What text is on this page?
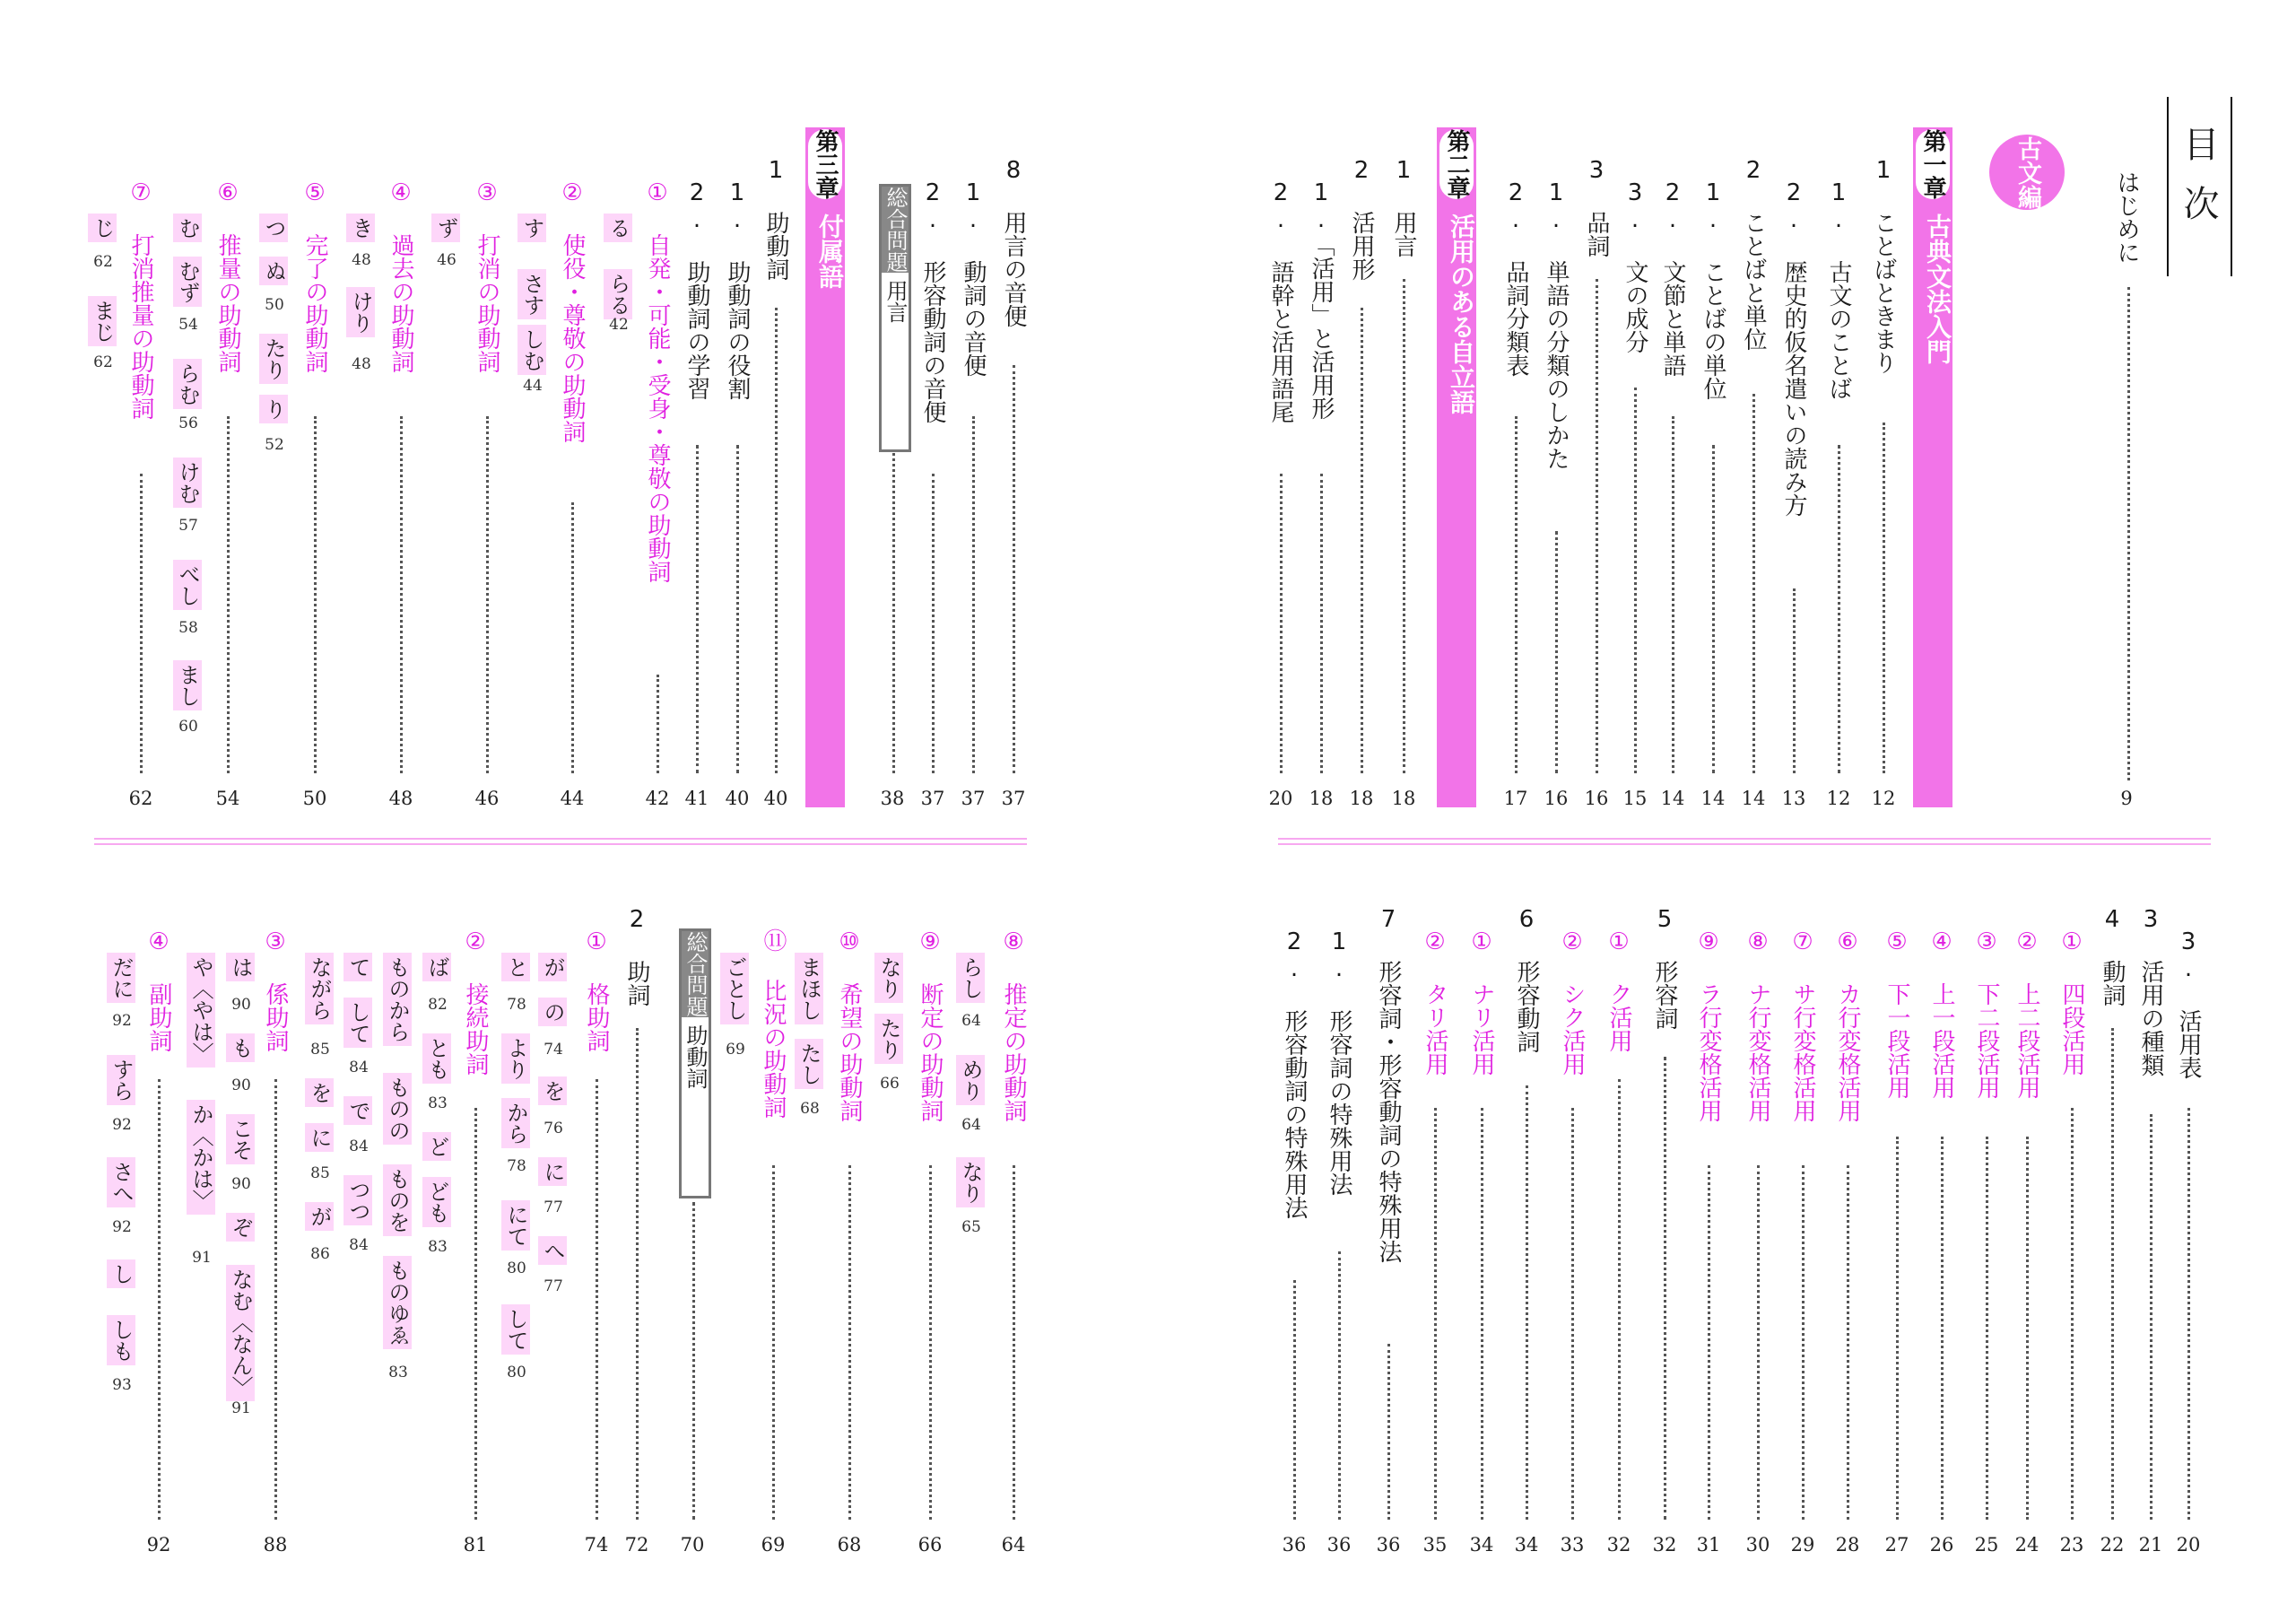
目次
はじめに
9
古文編
第一章
古典文法入門
第二章
活用のある自立語
第三章
付属語 総合問題
用言
総合問題
助動詞
1 ことばときまり
12
1. 古文のことば
12
2. 歴史的仮名遣いの読み方
13
2 ことばと単位
14
1. ことばの単位
14
2. 文節と単語
14
3. 文の成分
15
3 品詞
16
1. 単語の分類のしかた
16
2. 品詞分類表
17
1 用言
18
2 活用形
18
1.「活用」と活用形
18
2. 語幹と活用語尾
20
3. 活用表
20
3 活用の種類
21
4 動詞
22
① 四段活用
23
② 上二段活用
24
③ 下二段活用
25
④ 上一段活用
26
⑤ 下一段活用
27
⑥ カ行変格活用
28
⑦ サ行変格活用
29
⑧ ナ行変格活用
30
⑨ ラ行変格活用
31
5 形容詞
32
① ク活用
32
② シク活用
33
6 形容動詞
34
① ナリ活用
34
② タリ活用
35
7 形容詞・形容動詞の特殊用法
36
1. 形容詞の特殊用法
36
2. 形容動詞の特殊用法
36
8 用言の音便
37
1. 動詞の音便
37
2. 形容動詞の音便
37
38
1 助動詞
40
1. 助動詞の役割
40
2. 助動詞の学習
41
① 自発・可能・受身・尊敬の助動詞
42
② 使役・尊敬の助動詞
44
③ 打消の助動詞
46
④ 過去の助動詞
48
⑤ 完了の助動詞
50
⑥ 推量の助動詞
54
⑦ 打消推量の助動詞
62
⑧ 推定の助動詞
64
⑨ 断定の助動詞
66
⑩ 希望の助動詞
68
⑪ 比況の助動詞
69
70
2 助詞
72
① 格助詞
74
② 接続助詞
81
③ 係助詞
88
④ 副助詞
92
る
らる
42
す
さす
しむ
44
ず
46
き
48
けり
48
つ
ぬ
50
たり
り
52
む
むず
54
らむ
56
けむ
57
べし
58
まし
60
じ
62
まじ
62
らし
64
めり
64
なり
65
なり
たり
66
まほし
たし
68
ごとし
69
が
の
74
を
76
に
77
へ
77
と
78
より
から
78
にて
80
して
80
ば
82
とも
83
ど
ども
83
ものから
ものの
ものを
ものゆゑ
83
て
して
84
で
84
つつ
84
ながら
85
を
に
85
が
86
は
90
も
90
こそ
90
ぞ
なむ〈なん〉
91
や〈やは〉
か〈かは〉
91
だに
92
すら
92
さへ
92
し
しも
93
